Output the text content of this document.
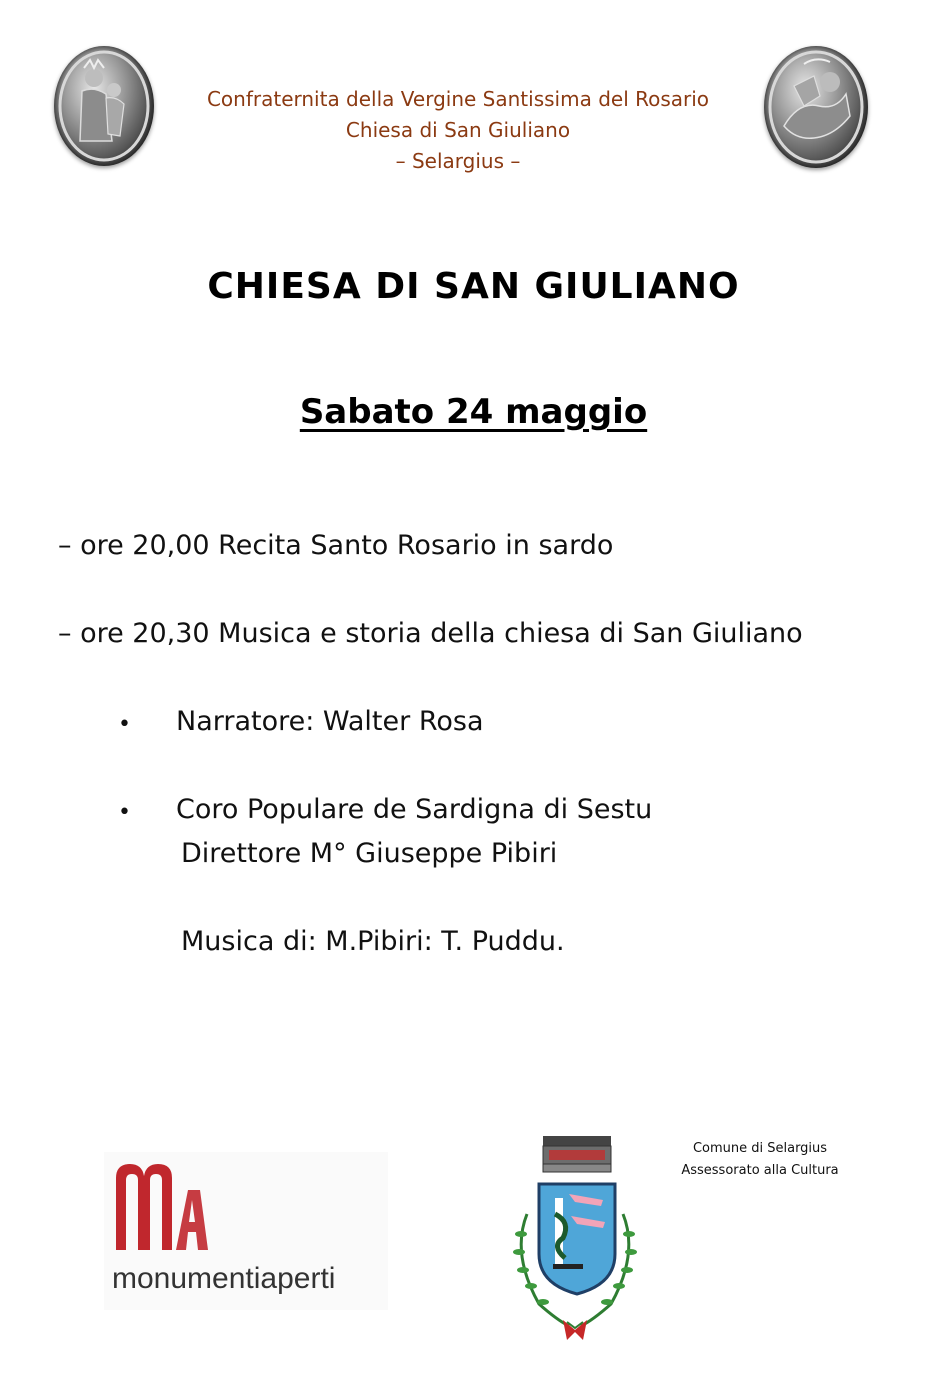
Confraternita della Vergine Santissima del Rosario
Chiesa di San Giuliano
– Selargius –
CHIESA DI SAN GIULIANO
Sabato 24 maggio
– ore 20,00 Recita Santo Rosario in sardo
– ore 20,30 Musica e storia della chiesa di San Giuliano
• Narratore: Walter Rosa
• Coro Populare de Sardigna di Sestu
Direttore M° Giuseppe Pibiri
Musica di: M.Pibiri: T. Puddu.
monumentiaperti
Comune di Selargius
Assessorato alla Cultura
